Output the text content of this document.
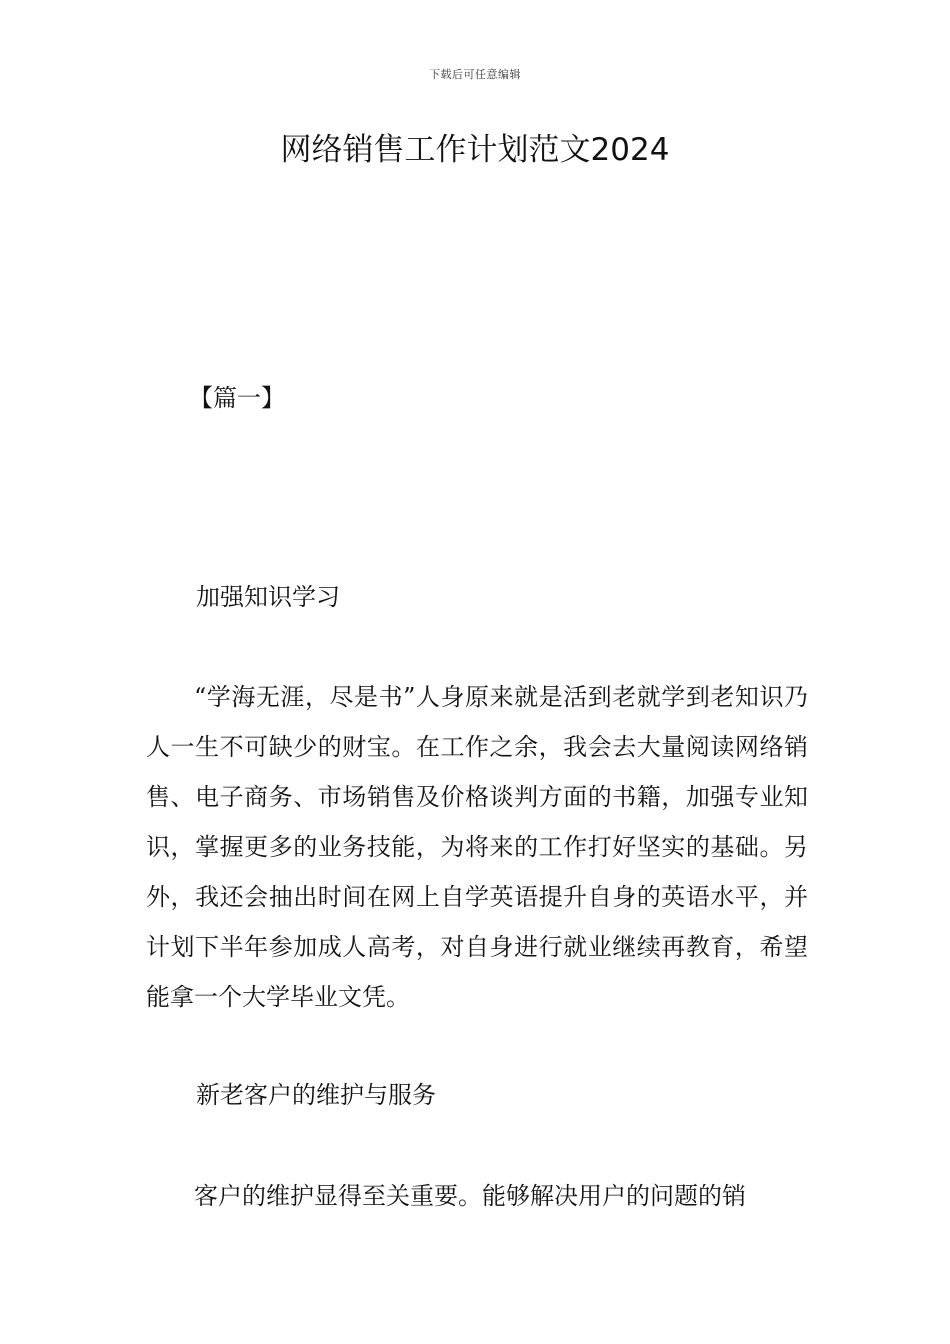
下载后可任意编辑
网络销售工作计划范文2024
【篇一】
加强知识学习

“学海无涯，尽是书”人身原来就是活到老就学到老知识乃人一生不可缺少的财宝。在工作之余，我会去大量阅读网络销售、电子商务、市场销售及价格谈判方面的书籍，加强专业知识，掌握更多的业务技能，为将来的工作打好坚实的基础。另外，我还会抽出时间在网上自学英语提升自身的英语水平，并计划下半年参加成人高考，对自身进行就业继续再教育，希望能拿一个大学毕业文凭。

新老客户的维护与服务

客户的维护显得至关重要。能够解决用户的问题的销
